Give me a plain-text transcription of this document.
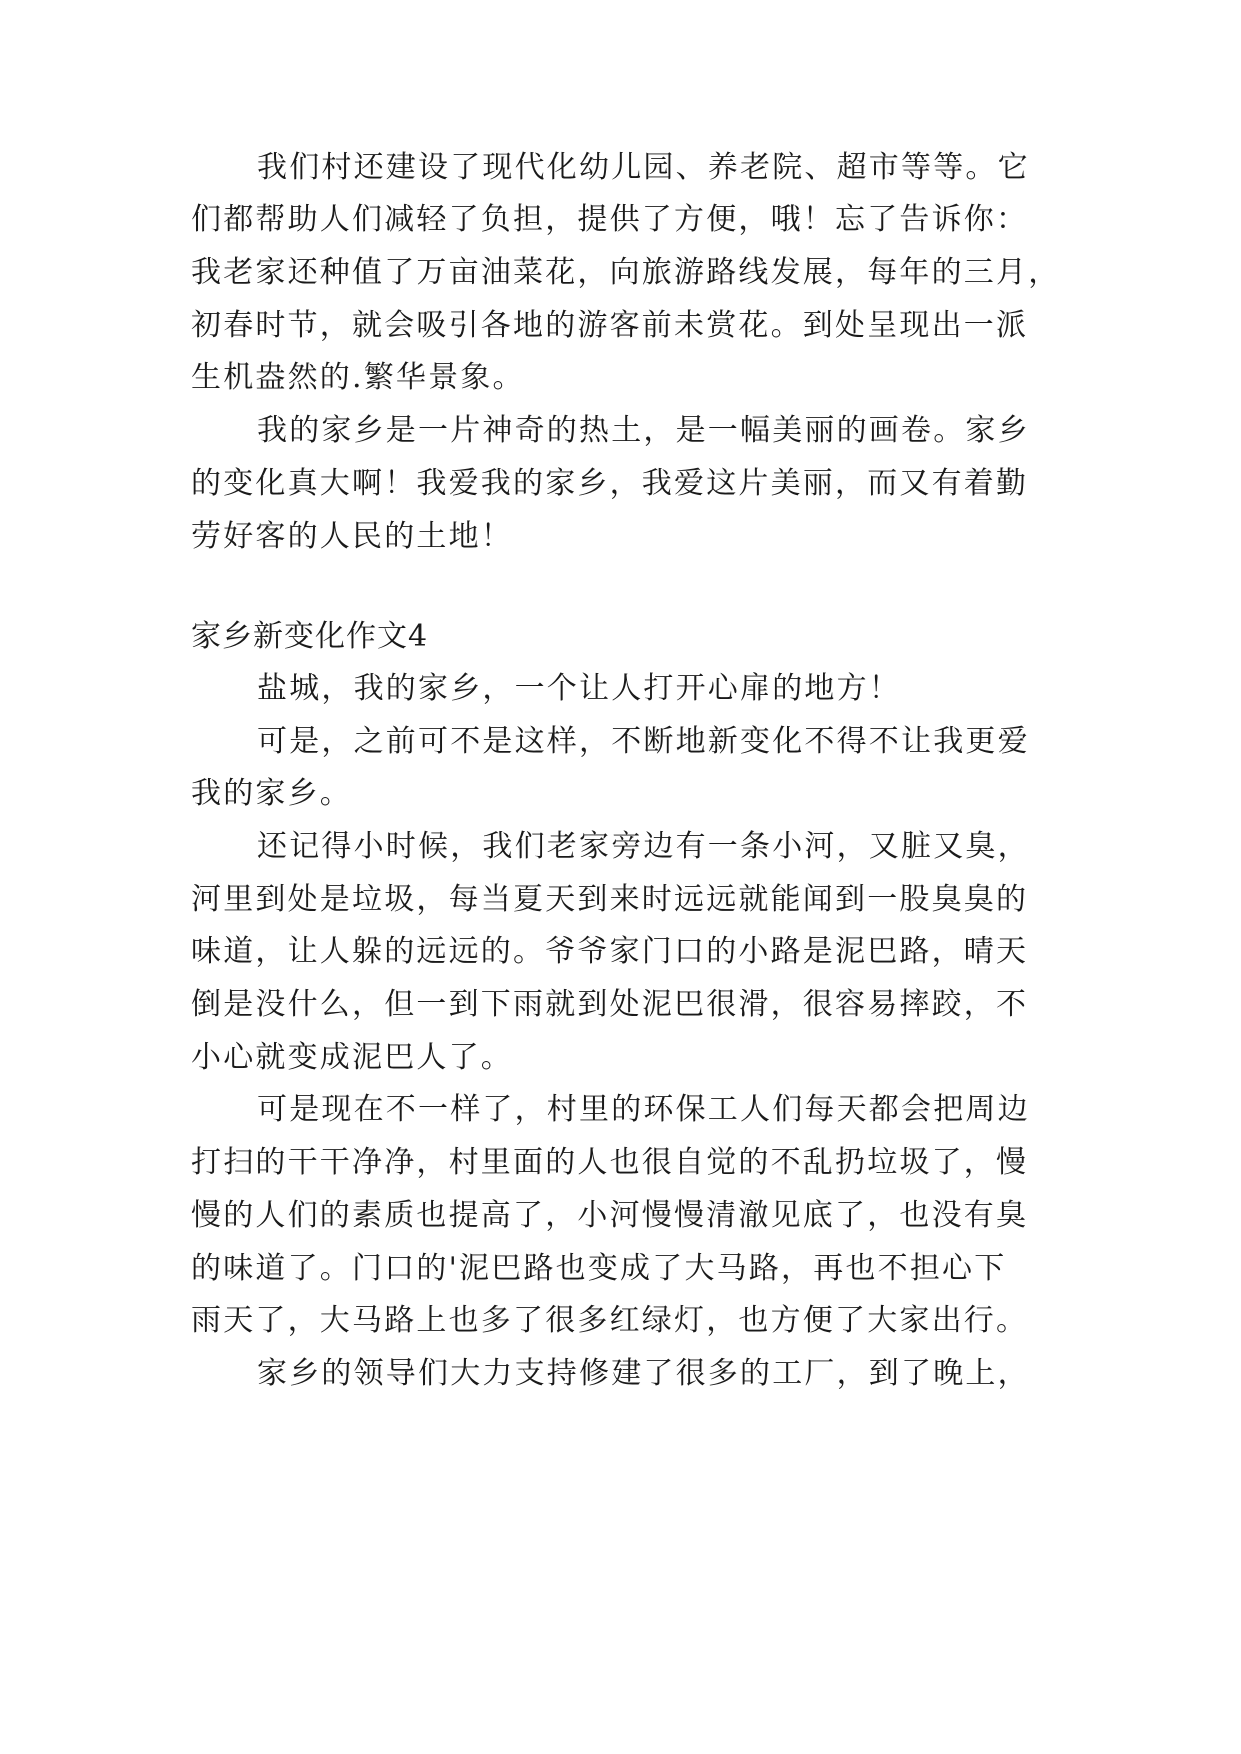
我们村还建设了现代化幼儿园、养老院、超市等等。它
们都帮助人们减轻了负担，提供了方便，哦！忘了告诉你：
我老家还种值了万亩油菜花，向旅游路线发展，每年的三月，
初春时节，就会吸引各地的游客前未赏花。到处呈现出一派
生机盎然的.繁华景象。
我的家乡是一片神奇的热土，是一幅美丽的画卷。家乡
的变化真大啊！我爱我的家乡，我爱这片美丽，而又有着勤
劳好客的人民的土地！
家乡新变化作文4
盐城，我的家乡，一个让人打开心扉的地方！
可是，之前可不是这样，不断地新变化不得不让我更爱
我的家乡。
还记得小时候，我们老家旁边有一条小河，又脏又臭，
河里到处是垃圾，每当夏天到来时远远就能闻到一股臭臭的
味道，让人躲的远远的。爷爷家门口的小路是泥巴路，晴天
倒是没什么，但一到下雨就到处泥巴很滑，很容易摔跤，不
小心就变成泥巴人了。
可是现在不一样了，村里的环保工人们每天都会把周边
打扫的干干净净，村里面的人也很自觉的不乱扔垃圾了，慢
慢的人们的素质也提高了，小河慢慢清澈见底了，也没有臭
的味道了。门口的'泥巴路也变成了大马路，再也不担心下
雨天了，大马路上也多了很多红绿灯，也方便了大家出行。
家乡的领导们大力支持修建了很多的工厂，到了晚上，
